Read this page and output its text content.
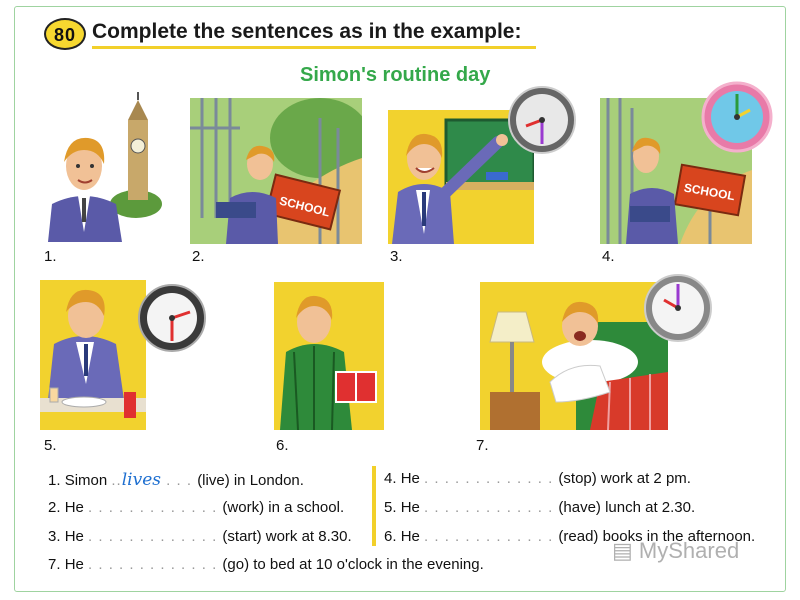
80 Complete the sentences as in the example:
Simon's routine day
1.
SCHOOL
2.	3.
SCHOOL
4.
5.	6.	7.
1. Simon ..lives . . . (live) in London.
2. He . . . . . . . . . . . . . (work) in a school.
3. He . . . . . . . . . . . . . (start) work at 8.30.
7. He . . . . . . . . . . . . . (go) to bed at 10 o'clock in the evening.
4. He . . . . . . . . . . . . . (stop) work at 2 pm.
5. He . . . . . . . . . . . . . (have) lunch at 2.30.
6. He . . . . . . . . . . . . . (read) books in the afternoon.
▤ MyShared
